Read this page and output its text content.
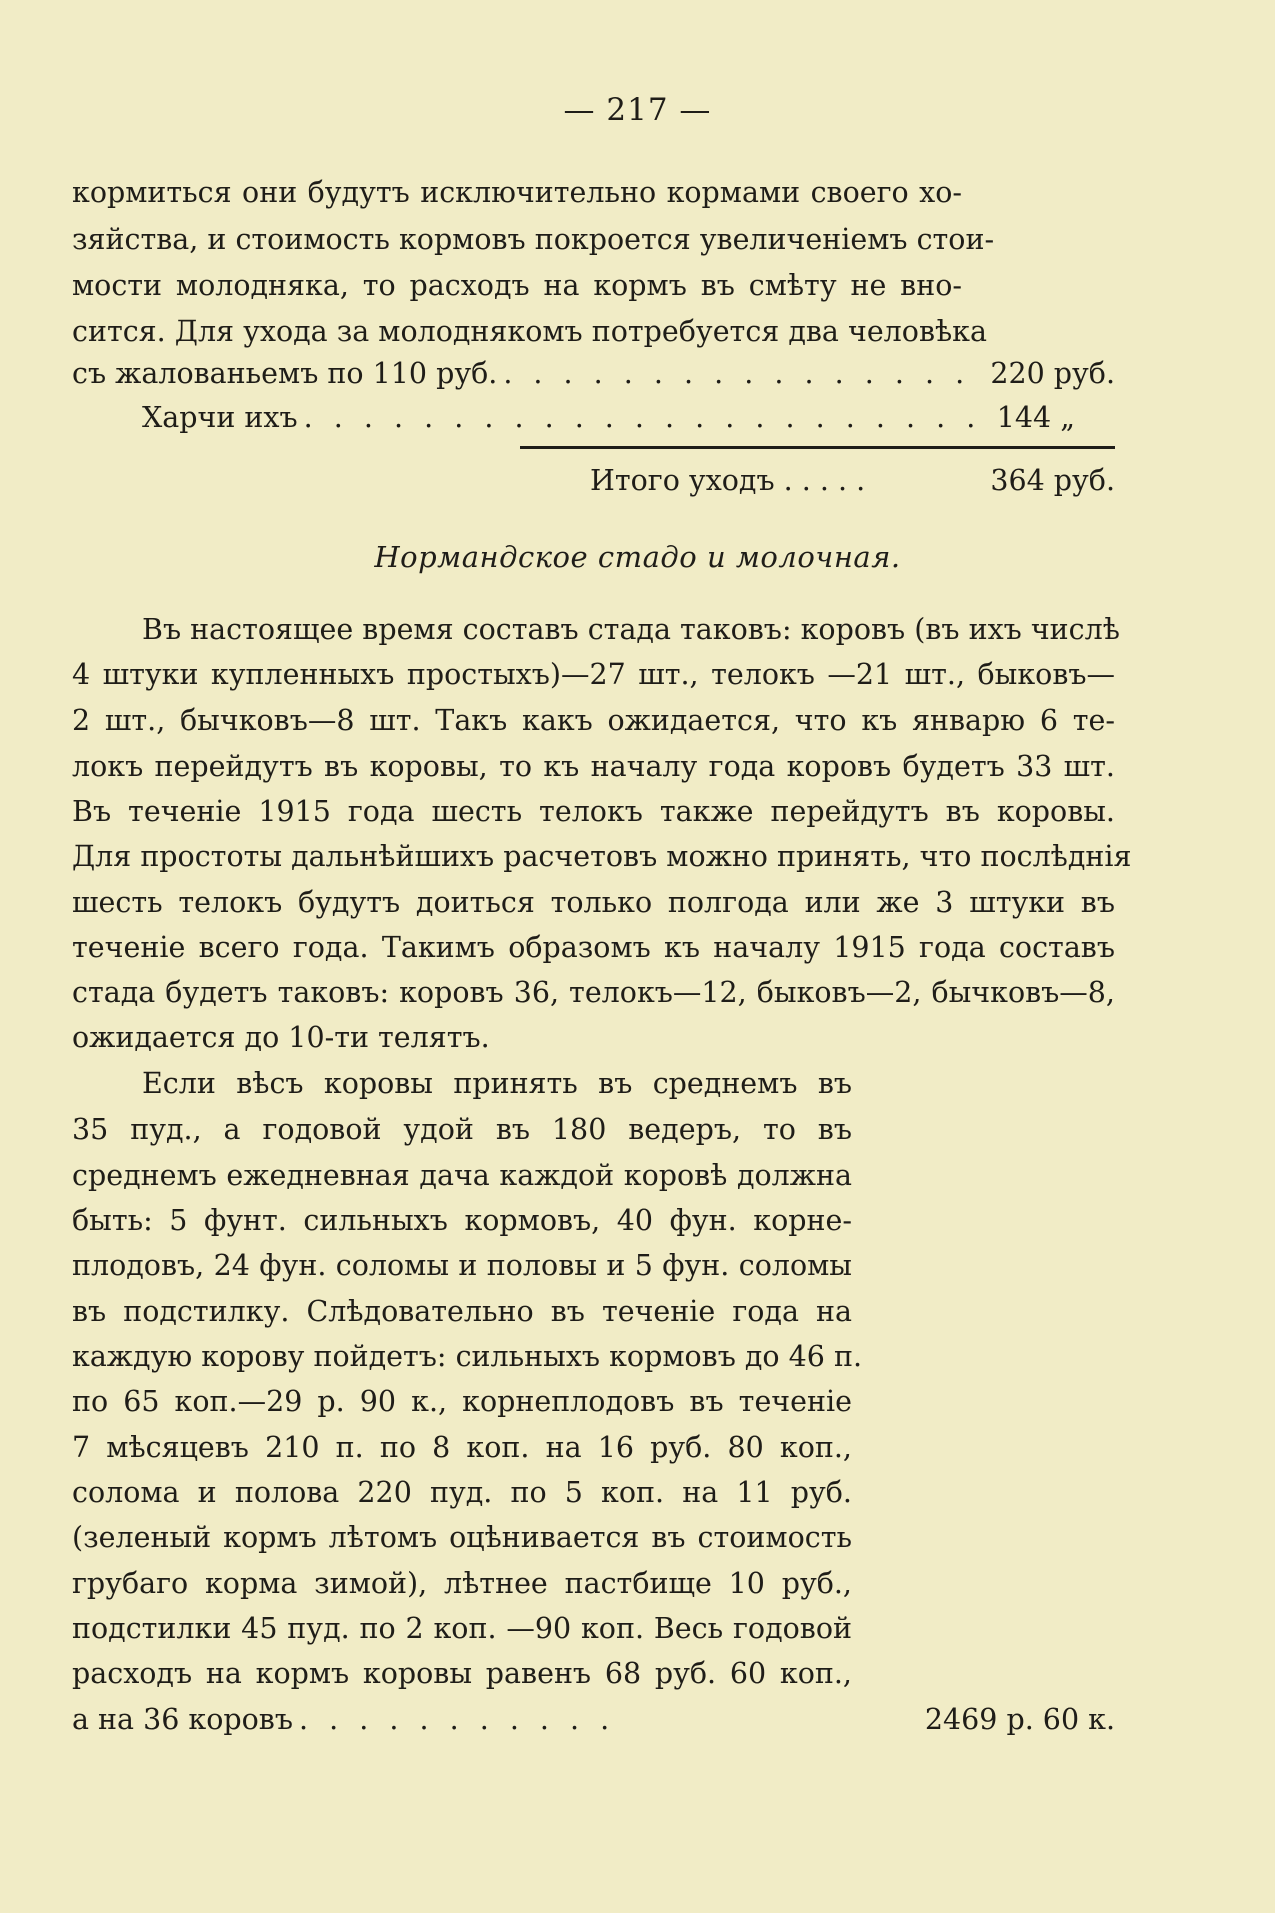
— 217 —
кормиться они будутъ исключительно кормами своего хо-
зяйства, и стоимость кормовъ покроется увеличеніемъ стои-
мости молодняка, то расходъ на кормъ въ смѣту не вно-
сится. Для ухода за молоднякомъ потребуется два человѣка
съ жалованьемъ по 110 руб. . . .	220 руб.
Харчи ихъ . . .	144 „
Итого уходъ . . . . .	364 руб.
Нормандское стадо и молочная.
Въ настоящее время составъ стада таковъ: коровъ (въ ихъ числѣ
4 штуки купленныхъ простыхъ)—27 шт., телокъ —21 шт., быковъ—
2 шт., бычковъ—8 шт. Такъ какъ ожидается, что къ январю 6 те-
локъ перейдутъ въ коровы, то къ началу года коровъ будетъ 33 шт.
Въ теченіе 1915 года шесть телокъ также перейдутъ въ коровы.
Для простоты дальнѣйшихъ расчетовъ можно принять, что послѣднія
шесть телокъ будутъ доиться только полгода или же 3 штуки въ
теченіе всего года. Такимъ образомъ къ началу 1915 года составъ
стада будетъ таковъ: коровъ 36, телокъ—12, быковъ—2, бычковъ—8,
ожидается до 10-ти телятъ.
Если вѣсъ коровы принять въ среднемъ въ
35 пуд., а годовой удой въ 180 ведеръ, то въ
среднемъ ежедневная дача каждой коровѣ должна
быть: 5 фунт. сильныхъ кормовъ, 40 фун. корне-
плодовъ, 24 фун. соломы и половы и 5 фун. соломы
въ подстилку. Слѣдовательно въ теченіе года на
каждую корову пойдетъ: сильныхъ кормовъ до 46 п.
по 65 коп.—29 р. 90 к., корнеплодовъ въ теченіе
7 мѣсяцевъ 210 п. по 8 коп. на 16 руб. 80 коп.,
солома и полова 220 пуд. по 5 коп. на 11 руб.
(зеленый кормъ лѣтомъ оцѣнивается въ стоимость
грубаго корма зимой), лѣтнее пастбище 10 руб.,
подстилки 45 пуд. по 2 коп. —90 коп. Весь годовой
расходъ на кормъ коровы равенъ 68 руб. 60 коп.,
а на 36 коровъ . . .	2469 р. 60 к.
